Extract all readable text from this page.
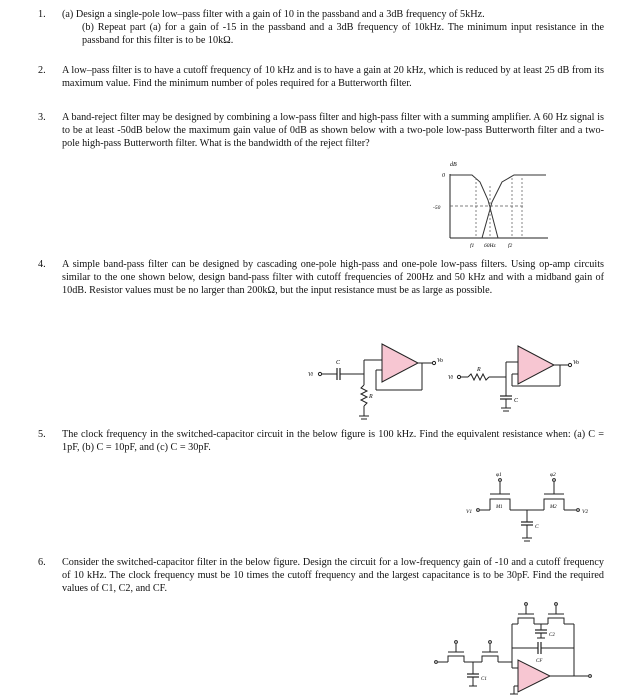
1. (a) Design a single-pole low–pass filter with a gain of 10 in the passband and a 3dB frequency of 5kHz.
(b) Repeat part (a) for a gain of -15 in the passband and a 3dB frequency of 10kHz. The minimum input resistance in the passband for this filter is to be 10kΩ.
2. A low–pass filter is to have a cutoff frequency of 10 kHz and is to have a gain at 20 kHz, which is reduced by at least 25 dB from its maximum value. Find the minimum number of poles required for a Butterworth filter.
3. A band-reject filter may be designed by combining a low-pass filter and high-pass filter with a summing amplifier. A 60 Hz signal is to be at least -50dB below the maximum gain value of 0dB as shown below with a two-pole low-pass Butterworth filter and a two-pole high-pass Butterworth filter. What is the bandwidth of the reject filter?
dB
0
-50
f1 60Hz f2
4. A simple band-pass filter can be designed by cascading one-pole high-pass and one-pole low-pass filters. Using op-amp circuits similar to the one shown below, design band-pass filter with cutoff frequencies of 200Hz and 50 kHz and with a midband gain of 10dB. Resistor values must be no larger than 200kΩ, but the input resistance must be as large as possible.
Vi
C
R
Vo
Vi
R
C
Vo
5. The clock frequency in the switched-capacitor circuit in the below figure is 100 kHz. Find the equivalent resistance when: (a) C = 1pF, (b) C = 10pF, and (c) C = 30pF.
φ1	φ2
M1	M2
V1	V2
C
6. Consider the switched-capacitor filter in the below figure. Design the circuit for a low-frequency gain of -10 and a cutoff frequency of 10 kHz. The clock frequency must be 10 times the cutoff frequency and the largest capacitance is to be 30pF. Find the required values of C1, C2, and CF.
C2
CF
C1
